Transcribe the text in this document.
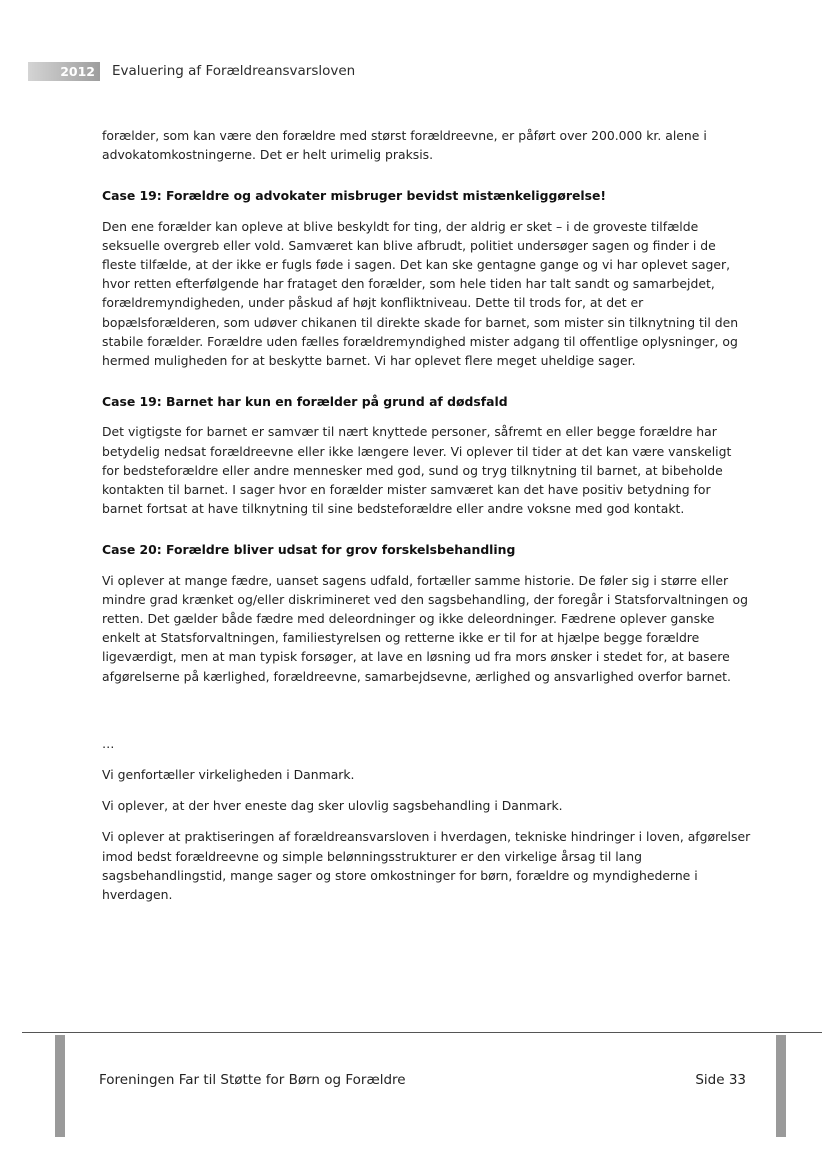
2012	Evaluering af Forældreansvarsloven

forælder, som kan være den forældre med størst forældreevne, er påført over 200.000 kr. alene i advokatomkostningerne. Det er helt urimelig praksis.

Case 19: Forældre og advokater misbruger bevidst mistænkeliggørelse!

Den ene forælder kan opleve at blive beskyldt for ting, der aldrig er sket – i de groveste tilfælde seksuelle overgreb eller vold. Samværet kan blive afbrudt, politiet undersøger sagen og finder i de fleste tilfælde, at der ikke er fugls føde i sagen. Det kan ske gentagne gange og vi har oplevet sager, hvor retten efterfølgende har frataget den forælder, som hele tiden har talt sandt og samarbejdet, forældremyndigheden, under påskud af højt konfliktniveau. Dette til trods for, at det er bopælsforælderen, som udøver chikanen til direkte skade for barnet, som mister sin tilknytning til den stabile forælder. Forældre uden fælles forældremyndighed mister adgang til offentlige oplysninger, og hermed muligheden for at beskytte barnet. Vi har oplevet flere meget uheldige sager.

Case 19: Barnet har kun en forælder på grund af dødsfald

Det vigtigste for barnet er samvær til nært knyttede personer, såfremt en eller begge forældre har betydelig nedsat forældreevne eller ikke længere lever. Vi oplever til tider at det kan være vanskeligt for bedsteforældre eller andre mennesker med god, sund og tryg tilknytning til barnet, at bibeholde kontakten til barnet. I sager hvor en forælder mister samværet kan det have positiv betydning for barnet fortsat at have tilknytning til sine bedsteforældre eller andre voksne med god kontakt.

Case 20: Forældre bliver udsat for grov forskelsbehandling

Vi oplever at mange fædre, uanset sagens udfald, fortæller samme historie. De føler sig i større eller mindre grad krænket og/eller diskrimineret ved den sagsbehandling, der foregår i Statsforvaltningen og retten. Det gælder både fædre med deleordninger og ikke deleordninger. Fædrene oplever ganske enkelt at Statsforvaltningen, familiestyrelsen og retterne ikke er til for at hjælpe begge forældre ligeværdigt, men at man typisk forsøger, at lave en løsning ud fra mors ønsker i stedet for, at basere afgørelserne på kærlighed, forældreevne, samarbejdsevne, ærlighed og ansvarlighed overfor barnet.

…

Vi genfortæller virkeligheden i Danmark.

Vi oplever, at der hver eneste dag sker ulovlig sagsbehandling i Danmark.

Vi oplever at praktiseringen af forældreansvarsloven i hverdagen, tekniske hindringer i loven, afgørelser imod bedst forældreevne og simple belønningsstrukturer er den virkelige årsag til lang sagsbehandlingstid, mange sager og store omkostninger for børn, forældre og myndighederne i hverdagen.

Foreningen Far til Støtte for Børn og Forældre	Side 33
